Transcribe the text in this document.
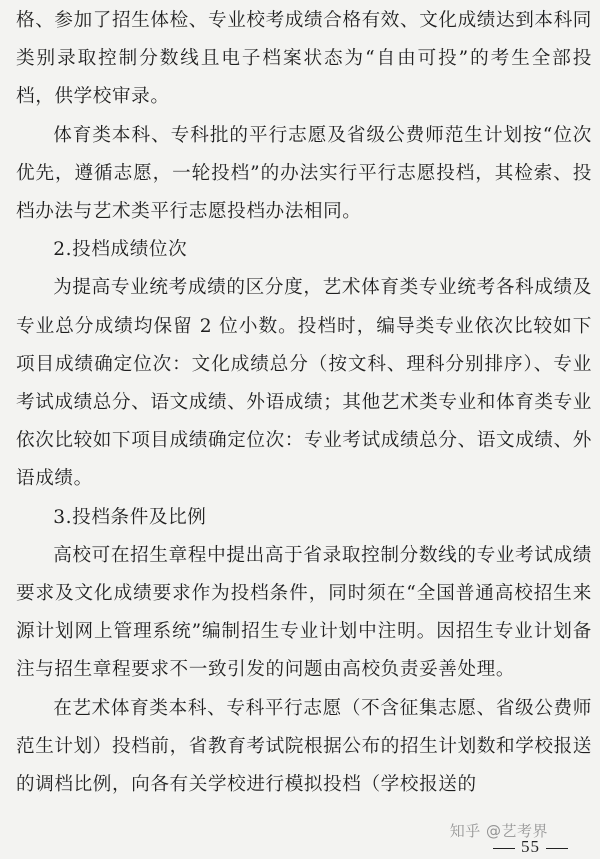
格、参加了招生体检、专业校考成绩合格有效、文化成绩达到本科同类别录取控制分数线且电子档案状态为“自由可投”的考生全部投档，供学校审录。

体育类本科、专科批的平行志愿及省级公费师范生计划按“位次优先，遵循志愿，一轮投档”的办法实行平行志愿投档，其检索、投档办法与艺术类平行志愿投档办法相同。

2.投档成绩位次

为提高专业统考成绩的区分度，艺术体育类专业统考各科成绩及专业总分成绩均保留 2 位小数。投档时，编导类专业依次比较如下项目成绩确定位次：文化成绩总分（按文科、理科分别排序）、专业考试成绩总分、语文成绩、外语成绩；其他艺术类专业和体育类专业依次比较如下项目成绩确定位次：专业考试成绩总分、语文成绩、外语成绩。

3.投档条件及比例

高校可在招生章程中提出高于省录取控制分数线的专业考试成绩要求及文化成绩要求作为投档条件，同时须在“全国普通高校招生来源计划网上管理系统”编制招生专业计划中注明。因招生专业计划备注与招生章程要求不一致引发的问题由高校负责妥善处理。

在艺术体育类本科、专科平行志愿（不含征集志愿、省级公费师范生计划）投档前，省教育考试院根据公布的招生计划数和学校报送的调档比例，向各有关学校进行模拟投档（学校报送的

知乎 @艺考界
55
